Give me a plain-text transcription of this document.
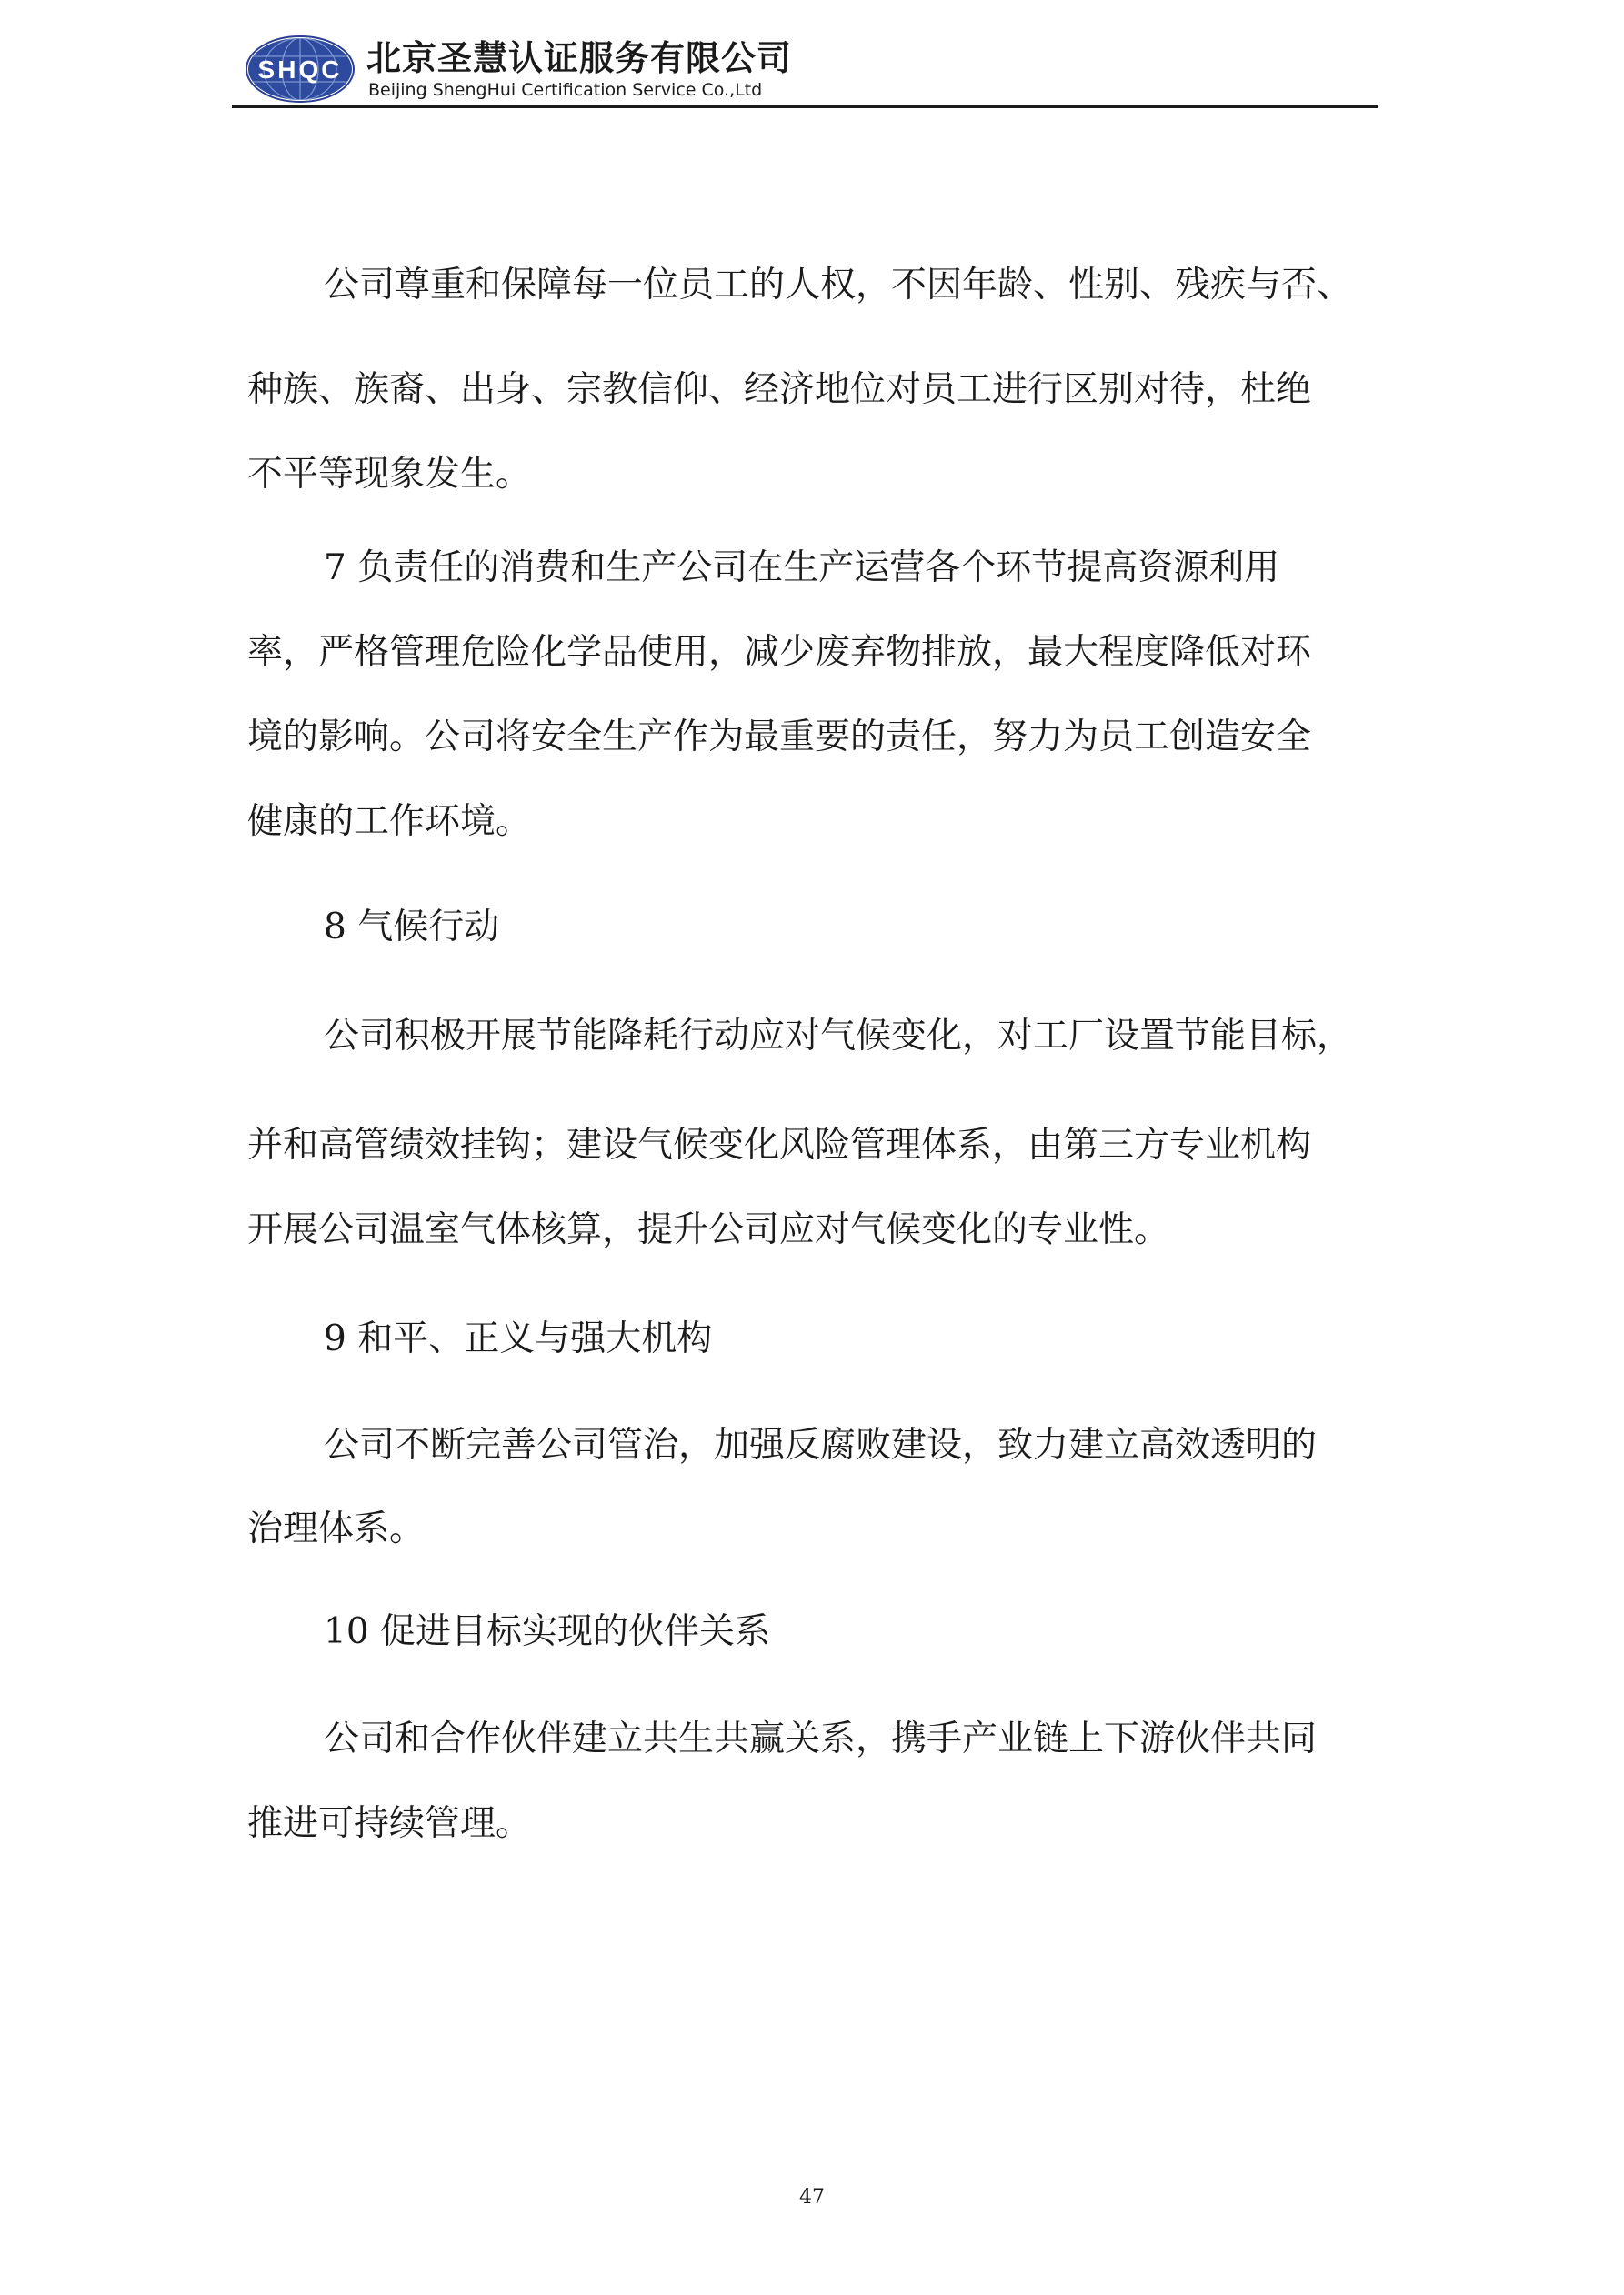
SHQC 北京圣慧认证服务有限公司
Beijing ShengHui Certification Service Co.,Ltd
公司尊重和保障每一位员工的人权，不因年龄、性别、残疾与否、
种族、族裔、出身、宗教信仰、经济地位对员工进行区别对待，杜绝
不平等现象发生。
7 负责任的消费和生产公司在生产运营各个环节提高资源利用
率，严格管理危险化学品使用，减少废弃物排放，最大程度降低对环
境的影响。公司将安全生产作为最重要的责任，努力为员工创造安全
健康的工作环境。
8 气候行动
公司积极开展节能降耗行动应对气候变化，对工厂设置节能目标，
并和高管绩效挂钩；建设气候变化风险管理体系，由第三方专业机构
开展公司温室气体核算，提升公司应对气候变化的专业性。
9 和平、正义与强大机构
公司不断完善公司管治，加强反腐败建设，致力建立高效透明的
治理体系。
10 促进目标实现的伙伴关系
公司和合作伙伴建立共生共赢关系，携手产业链上下游伙伴共同
推进可持续管理。
47
